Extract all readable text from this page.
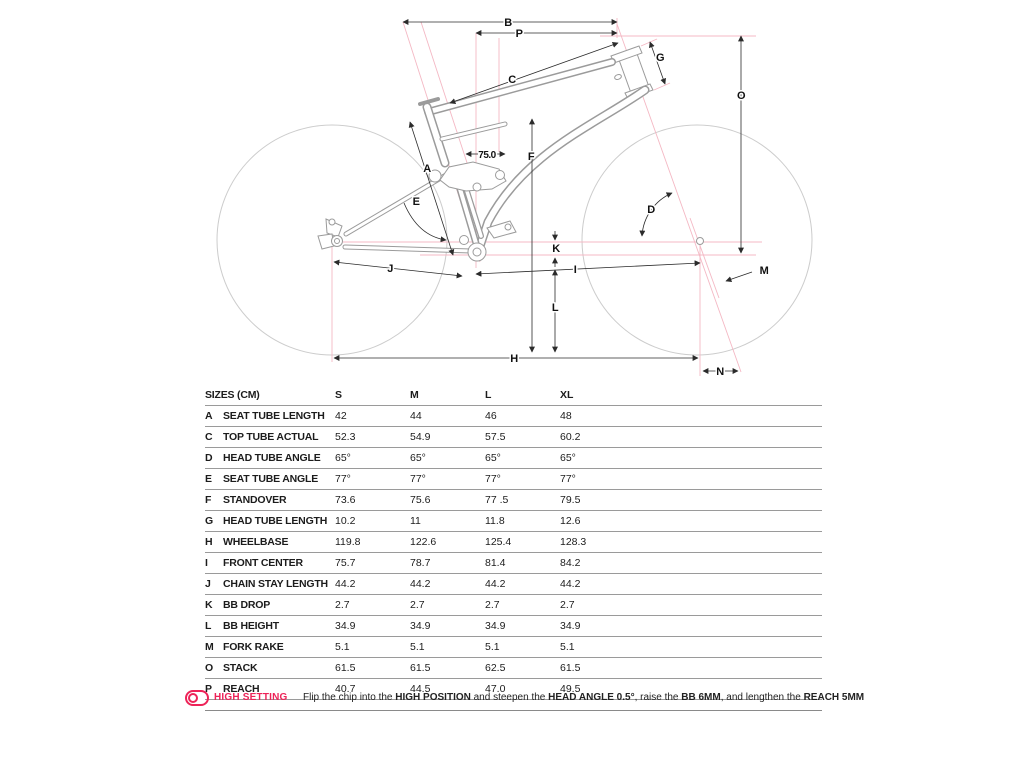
B
P
C
G
O
F
A
E
75.0
D
K
J	I	M
L
H
N
SIZES (CM)	S	M	L	XL
A SEAT TUBE LENGTH 42	44	46	48
C TOP TUBE ACTUAL	52.3	54.9	57.5	60.2
D HEAD TUBE ANGLE	65°	65°	65°	65°
E	SEAT TUBE ANGLE	77°	77°	77°	77°
F	STANDOVER	73.6	75.6	77 .5	79.5
G HEAD TUBE LENGTH 10.2	11	11.8	12.6
H WHEELBASE	119.8	122.6	125.4	128.3
I	FRONT CENTER	75.7	78.7	81.4	84.2
J	CHAIN STAY LENGTH 44.2	44.2	44.2	44.2
K BB DROP	2.7	2.7	2.7	2.7
L	BB HEIGHT	34.9	34.9	34.9	34.9
M FORK RAKE	5.1	5.1	5.1	5.1
O STACK	61.5	61.5	62.5	61.5
P	REACH	40.7	44.5	47.0	49.5
HIGH SETTING Flip the chip into the HIGH POSITION and steepen the HEAD ANGLE 0.5°, raise the BB 6MM, and lengthen the REACH 5MM
